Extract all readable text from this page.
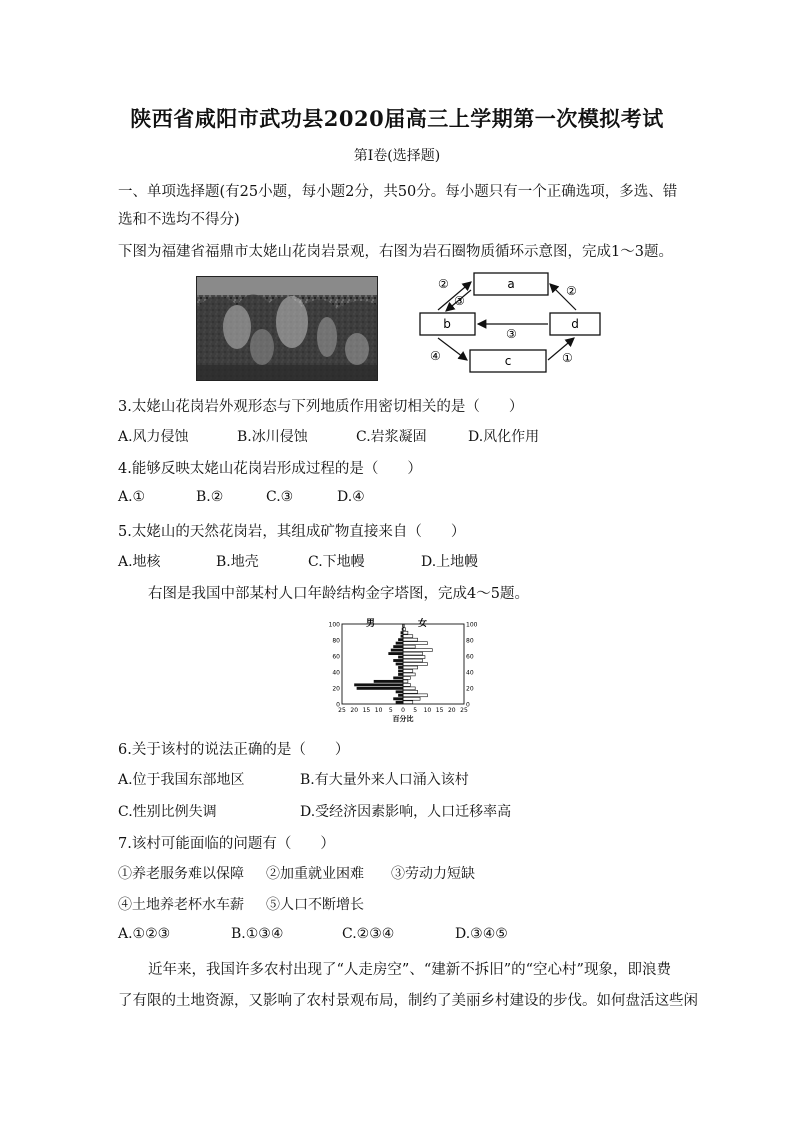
陕西省咸阳市武功县2020届高三上学期第一次模拟考试
第I卷(选择题)
一、单项选择题(有25小题，每小题2分，共50分。每小题只有一个正确选项，多选、错
选和不选均不得分)
下图为福建省福鼎市太姥山花岗岩景观，右图为岩石圈物质循环示意图，完成1～3题。
a
b
c
d
②
③
②
③
④	①
3.太姥山花岗岩外观形态与下列地质作用密切相关的是（　　）
A.风力侵蚀	B.冰川侵蚀	C.岩浆凝固	D.风化作用
4.能够反映太姥山花岗岩形成过程的是（　　）
A.①	B.②	C.③	D.④
5.太姥山的天然花岗岩，其组成矿物直接来自（　　）
A.地核	B.地壳	C.下地幔	D.上地幔
右图是我国中部某村人口年龄结构金字塔图，完成4～5题。
男	女
100
80
60
40
20
0
100
80
60
40
20
0
25 20 15 10 5 0 5 10 15 20 25
百分比
6.关于该村的说法正确的是（　　）
A.位于我国东部地区	B.有大量外来人口涌入该村
C.性别比例失调	D.受经济因素影响，人口迁移率高
7.该村可能面临的问题有（　　）
①养老服务难以保障 ②加重就业困难 ③劳动力短缺
④土地养老杯水车薪 ⑤人口不断增长
A.①②③	B.①③④	C.②③④	D.③④⑤
近年来，我国许多农村出现了“人走房空”、“建新不拆旧”的“空心村”现象，即浪费
了有限的土地资源，又影响了农村景观布局，制约了美丽乡村建设的步伐。如何盘活这些闲
